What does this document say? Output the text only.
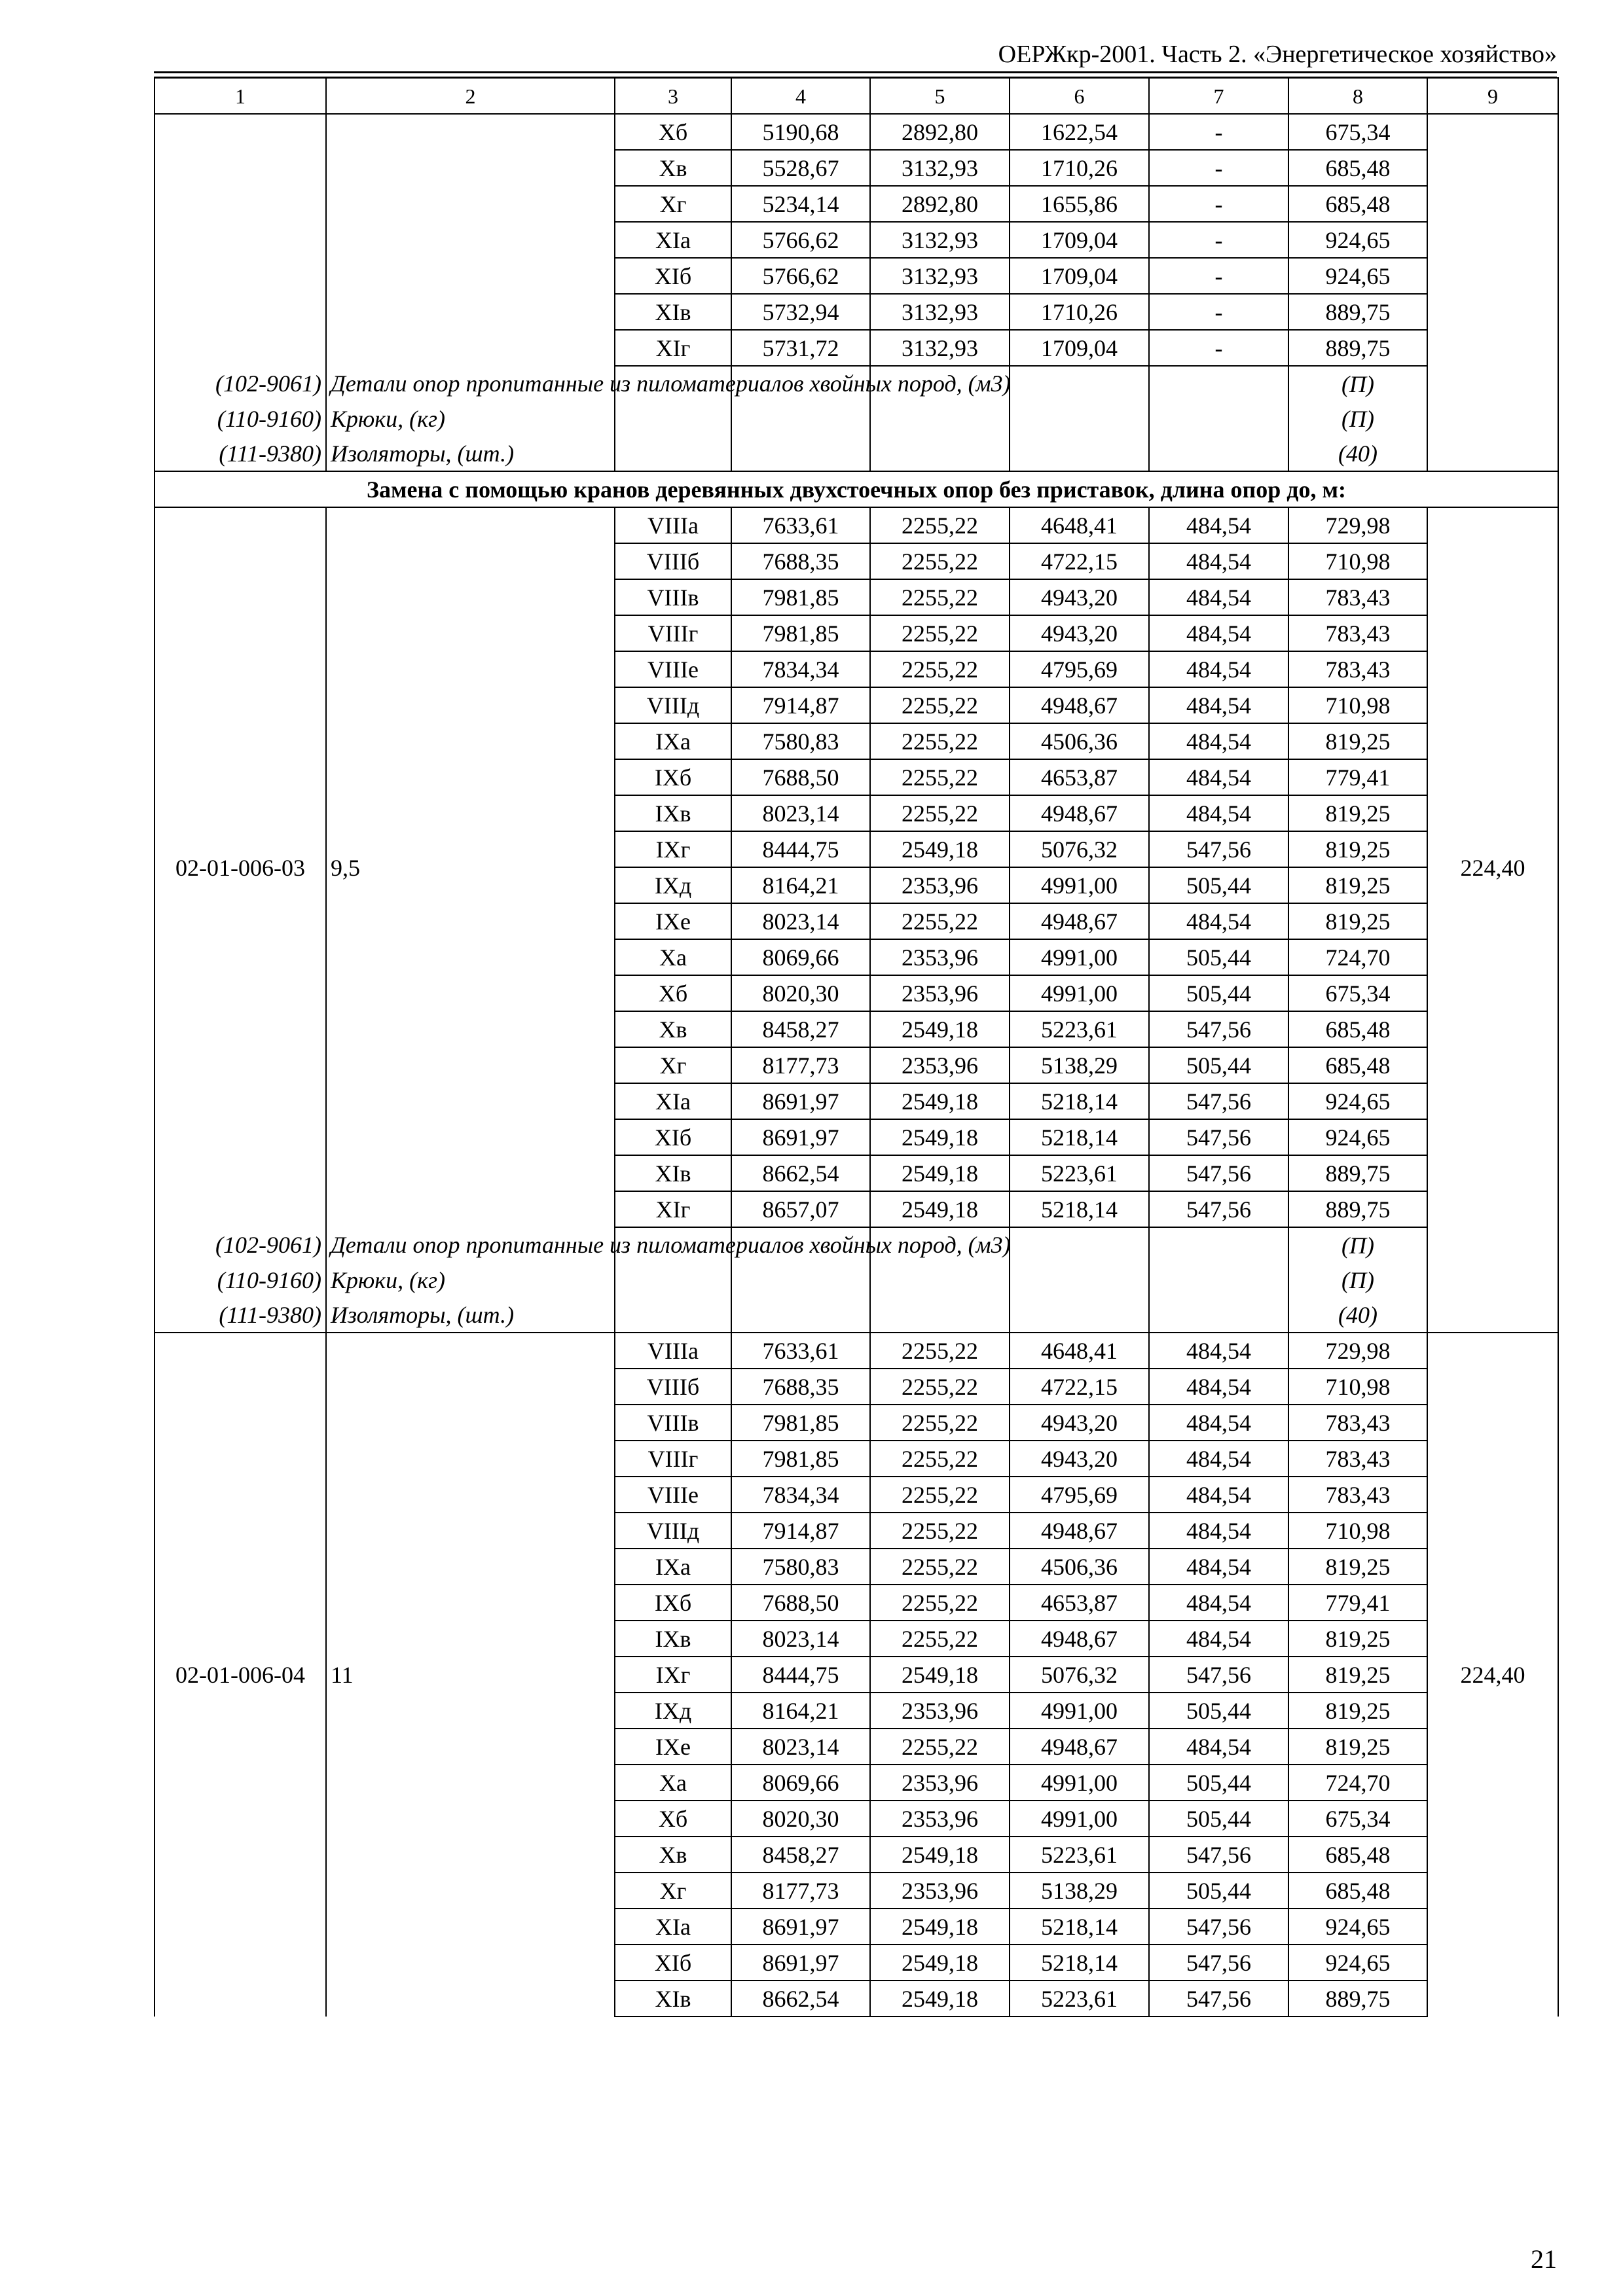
ОЕРЖкр-2001. Часть 2. «Энергетическое хозяйство»
1	2	3	4	5	6	7	8	9
		Xб	5190,68	2892,80	1622,54	-	675,34	
		Xв	5528,67	3132,93	1710,26	-	685,48	
		Xг	5234,14	2892,80	1655,86	-	685,48	
		XIа	5766,62	3132,93	1709,04	-	924,65	
		XIб	5766,62	3132,93	1709,04	-	924,65	
		XIв	5732,94	3132,93	1710,26	-	889,75	
		XIг	5731,72	3132,93	1709,04	-	889,75	
(102-9061)	Детали опор пропитанные из пиломатериалов хвойных пород, (м3)						(П)	
(110-9160)	Крюки, (кг)						(П)	
(111-9380)	Изоляторы, (шт.)						(40)	
Замена с помощью кранов деревянных двухстоечных опор без приставок, длина опор до, м:								
02-01-006-03	9,5	VIIIа	7633,61	2255,22	4648,41	484,54	729,98	224,40
		VIIIб	7688,35	2255,22	4722,15	484,54	710,98	
		VIIIв	7981,85	2255,22	4943,20	484,54	783,43	
		VIIIг	7981,85	2255,22	4943,20	484,54	783,43	
		VIIIе	7834,34	2255,22	4795,69	484,54	783,43	
		VIIIд	7914,87	2255,22	4948,67	484,54	710,98	
		IXа	7580,83	2255,22	4506,36	484,54	819,25	
		IXб	7688,50	2255,22	4653,87	484,54	779,41	
		IXв	8023,14	2255,22	4948,67	484,54	819,25	
		IXг	8444,75	2549,18	5076,32	547,56	819,25	
		IXд	8164,21	2353,96	4991,00	505,44	819,25	
		IXе	8023,14	2255,22	4948,67	484,54	819,25	
		Xа	8069,66	2353,96	4991,00	505,44	724,70	
		Xб	8020,30	2353,96	4991,00	505,44	675,34	
		Xв	8458,27	2549,18	5223,61	547,56	685,48	
		Xг	8177,73	2353,96	5138,29	505,44	685,48	
		XIа	8691,97	2549,18	5218,14	547,56	924,65	
		XIб	8691,97	2549,18	5218,14	547,56	924,65	
		XIв	8662,54	2549,18	5223,61	547,56	889,75	
		XIг	8657,07	2549,18	5218,14	547,56	889,75	
(102-9061)	Детали опор пропитанные из пиломатериалов хвойных пород, (м3)						(П)	
(110-9160)	Крюки, (кг)						(П)	
(111-9380)	Изоляторы, (шт.)						(40)	
02-01-006-04	11	VIIIа	7633,61	2255,22	4648,41	484,54	729,98	224,40
		VIIIб	7688,35	2255,22	4722,15	484,54	710,98	
		VIIIв	7981,85	2255,22	4943,20	484,54	783,43	
		VIIIг	7981,85	2255,22	4943,20	484,54	783,43	
		VIIIе	7834,34	2255,22	4795,69	484,54	783,43	
		VIIIд	7914,87	2255,22	4948,67	484,54	710,98	
		IXа	7580,83	2255,22	4506,36	484,54	819,25	
		IXб	7688,50	2255,22	4653,87	484,54	779,41	
		IXв	8023,14	2255,22	4948,67	484,54	819,25	
		IXг	8444,75	2549,18	5076,32	547,56	819,25	
		IXд	8164,21	2353,96	4991,00	505,44	819,25	
		IXе	8023,14	2255,22	4948,67	484,54	819,25	
		Xа	8069,66	2353,96	4991,00	505,44	724,70	
		Xб	8020,30	2353,96	4991,00	505,44	675,34	
		Xв	8458,27	2549,18	5223,61	547,56	685,48	
		Xг	8177,73	2353,96	5138,29	505,44	685,48	
		XIа	8691,97	2549,18	5218,14	547,56	924,65	
		XIб	8691,97	2549,18	5218,14	547,56	924,65	
		XIв	8662,54	2549,18	5223,61	547,56	889,75	
21
